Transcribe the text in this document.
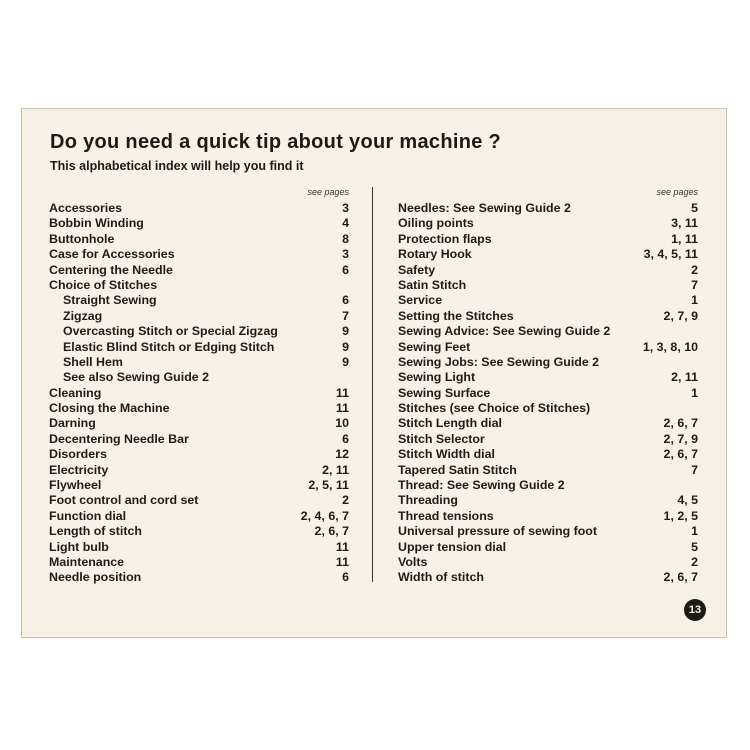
Do you need a quick tip about your machine ?

This alphabetical index will help you find it

see pages
Accessories	3
Bobbin Winding	4
Buttonhole	8
Case for Accessories	3
Centering the Needle	6
Choice of Stitches
Straight Sewing	6
Zigzag	7
Overcasting Stitch or Special Zigzag	9
Elastic Blind Stitch or Edging Stitch	9
Shell Hem	9
See also Sewing Guide 2
Cleaning	11
Closing the Machine	11
Darning	10
Decentering Needle Bar	6
Disorders	12
Electricity	2, 11
Flywheel	2, 5, 11
Foot control and cord set	2
Function dial	2, 4, 6, 7
Length of stitch	2, 6, 7
Light bulb	11
Maintenance	11
Needle position	6
see pages
Needles: See Sewing Guide 2	5
Oiling points	3, 11
Protection flaps	1, 11
Rotary Hook	3, 4, 5, 11
Safety	2
Satin Stitch	7
Service	1
Setting the Stitches	2, 7, 9
Sewing Advice: See Sewing Guide 2
Sewing Feet	1, 3, 8, 10
Sewing Jobs: See Sewing Guide 2
Sewing Light	2, 11
Sewing Surface	1
Stitches (see Choice of Stitches)
Stitch Length dial	2, 6, 7
Stitch Selector	2, 7, 9
Stitch Width dial	2, 6, 7
Tapered Satin Stitch	7
Thread: See Sewing Guide 2
Threading	4, 5
Thread tensions	1, 2, 5
Universal pressure of sewing foot	1
Upper tension dial	5
Volts	2
Width of stitch	2, 6, 7
13
